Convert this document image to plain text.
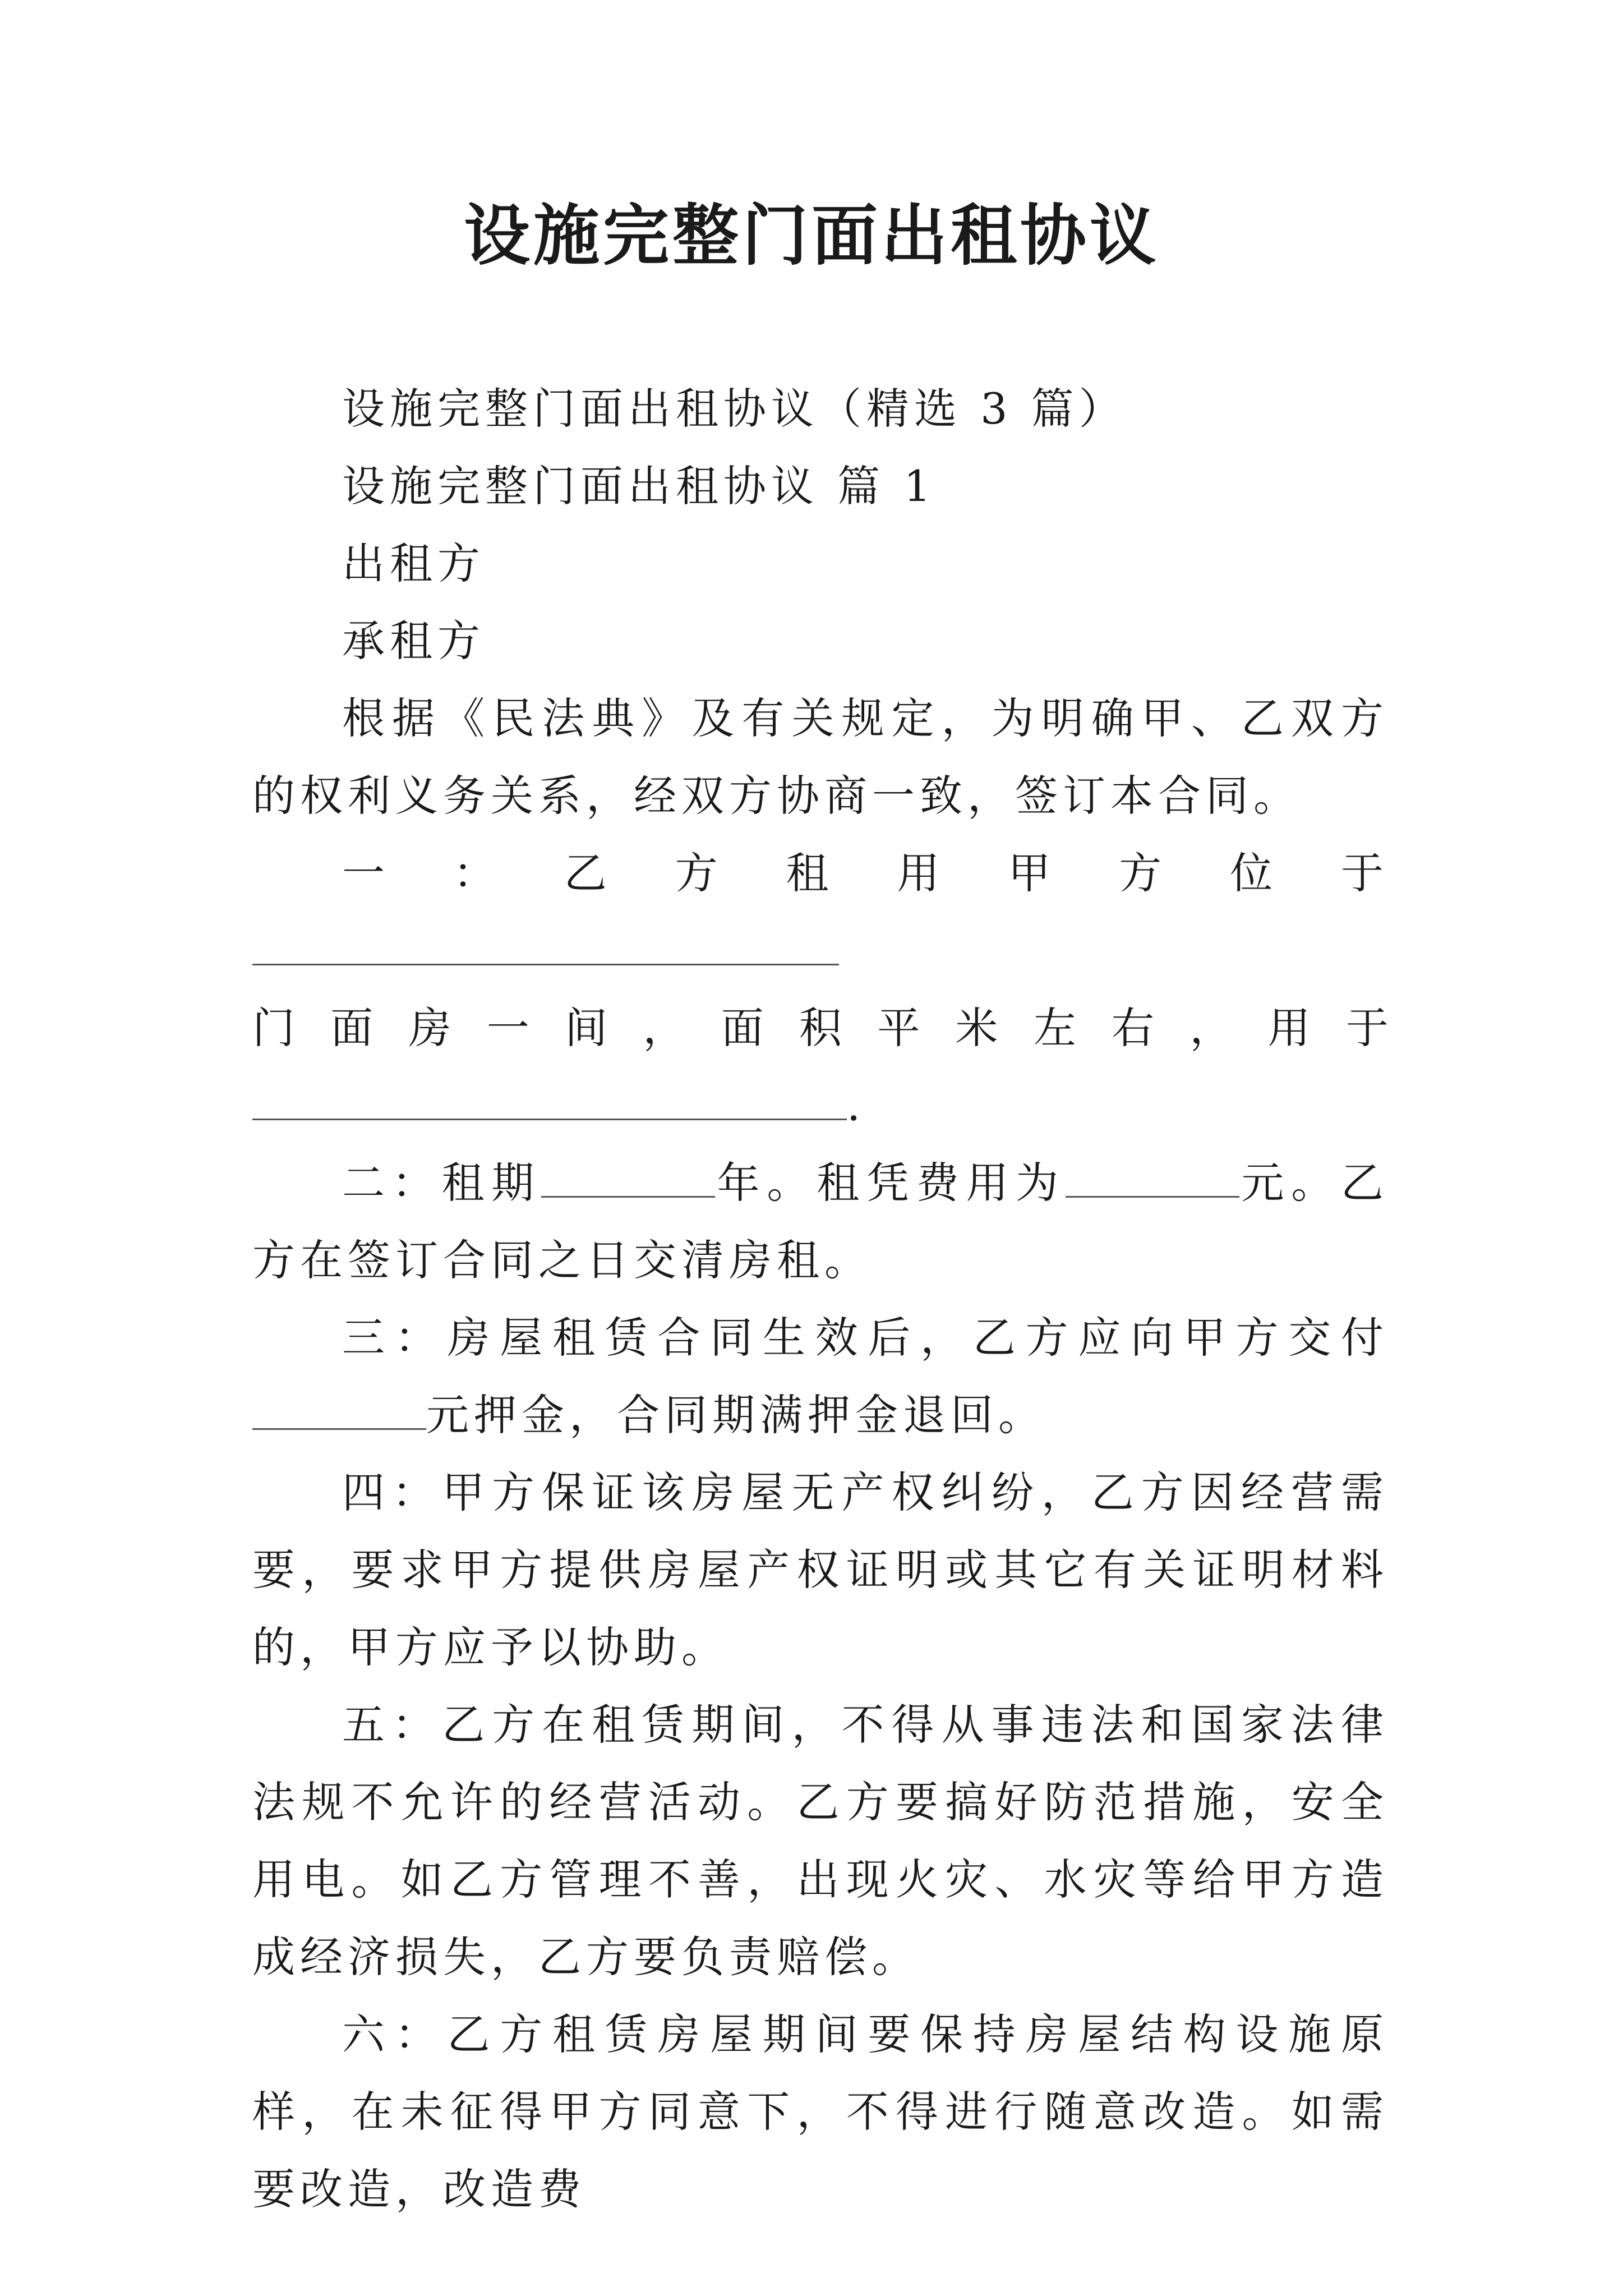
设施完整门面出租协议

设施完整门面出租协议（精选 3 篇）

设施完整门面出租协议 篇 1

出租方

承租方

根据《民法典》及有关规定，为明确甲、乙双方的权利义务关系，经双方协商一致，签订本合同。

一：乙方租用甲方位于

门 面 房 一 间 ， 面 积 平 米 左 右 ， 用 于

.

二：租期	年。租凭费用为	元。乙方在签订合同之日交清房租。

三：房屋租赁合同生效后，乙方应向甲方交付元押金，合同期满押金退回。

四：甲方保证该房屋无产权纠纷，乙方因经营需要，要求甲方提供房屋产权证明或其它有关证明材料的，甲方应予以协助。

五：乙方在租赁期间，不得从事违法和国家法律法规不允许的经营活动。乙方要搞好防范措施，安全用电。如乙方管理不善，出现火灾、水灾等给甲方造成经济损失，乙方要负责赔偿。

六：乙方租赁房屋期间要保持房屋结构设施原样，在未征得甲方同意下，不得进行随意改造。如需要改造，改造费
